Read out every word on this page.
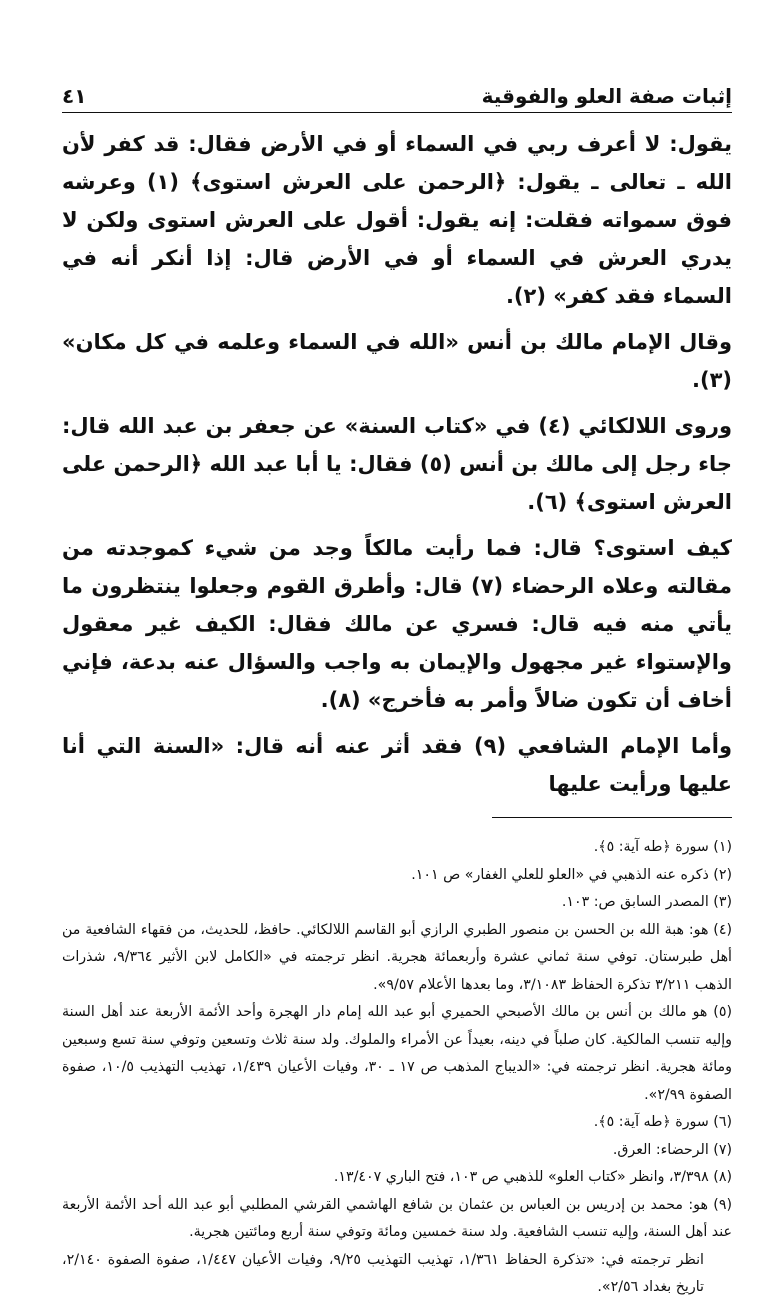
إثبات صفة العلو والفوقية
٤١

يقول: لا أعرف ربي في السماء أو في الأرض فقال: قد كفر لأن الله ـ تعالى ـ يقول: ﴿الرحمن على العرش استوى﴾ (١) وعرشه فوق سمواته فقلت: إنه يقول: أقول على العرش استوى ولكن لا يدري العرش في السماء أو في الأرض قال: إذا أنكر أنه في السماء فقد كفر» (٢).

وقال الإمام مالك بن أنس «الله في السماء وعلمه في كل مكان» (٣).

وروى اللالكائي (٤) في «كتاب السنة» عن جعفر بن عبد الله قال: جاء رجل إلى مالك بن أنس (٥) فقال: يا أبا عبد الله ﴿الرحمن على العرش استوى﴾ (٦).

كيف استوى؟ قال: فما رأيت مالكاً وجد من شيء كموجدته من مقالته وعلاه الرحضاء (٧) قال: وأطرق القوم وجعلوا ينتظرون ما يأتي منه فيه قال: فسري عن مالك فقال: الكيف غير معقول والإستواء غير مجهول والإيمان به واجب والسؤال عنه بدعة، فإني أخاف أن تكون ضالاً وأمر به فأخرج» (٨).

وأما الإمام الشافعي (٩) فقد أثر عنه أنه قال: «السنة التي أنا عليها ورأيت عليها

(١) سورة ﴿طه آية: ٥﴾.

(٢) ذكره عنه الذهبي في «العلو للعلي الغفار» ص ١٠١.

(٣) المصدر السابق ص: ١٠٣.

(٤) هو: هبة الله بن الحسن بن منصور الطبري الرازي أبو القاسم اللالكائي. حافظ، للحديث، من فقهاء الشافعية من أهل طبرستان. توفي سنة ثماني عشرة وأربعمائة هجرية. انظر ترجمته في «الكامل لابن الأثير ٩/٣٦٤، شذرات الذهب ٣/٢١١ تذكرة الحفاظ ٣/١٠٨٣، وما بعدها الأعلام ٩/٥٧».

(٥) هو مالك بن أنس بن مالك الأصبحي الحميري أبو عبد الله إمام دار الهجرة وأحد الأئمة الأربعة عند أهل السنة وإليه تنسب المالكية. كان صلباً في دينه، بعيداً عن الأمراء والملوك. ولد سنة ثلاث وتسعين وتوفي سنة تسع وسبعين ومائة هجرية. انظر ترجمته في: «الديباج المذهب ص ١٧ ـ ٣٠، وفيات الأعيان ١/٤٣٩، تهذيب التهذيب ١٠/٥، صفوة الصفوة ٢/٩٩».

(٦) سورة ﴿طه آية: ٥﴾.

(٧) الرحضاء: العرق.

(٨) ٣/٣٩٨، وانظر «كتاب العلو» للذهبي ص ١٠٣، فتح الباري ١٣/٤٠٧.

(٩) هو: محمد بن إدريس بن العباس بن عثمان بن شافع الهاشمي القرشي المطلبي أبو عبد الله أحد الأئمة الأربعة عند أهل السنة، وإليه تنسب الشافعية. ولد سنة خمسين ومائة وتوفي سنة أربع ومائتين هجرية.

انظر ترجمته في: «تذكرة الحفاظ ١/٣٦١، تهذيب التهذيب ٩/٢٥، وفيات الأعيان ١/٤٤٧، صفوة الصفوة ٢/١٤٠، تاريخ بغداد ٢/٥٦».
